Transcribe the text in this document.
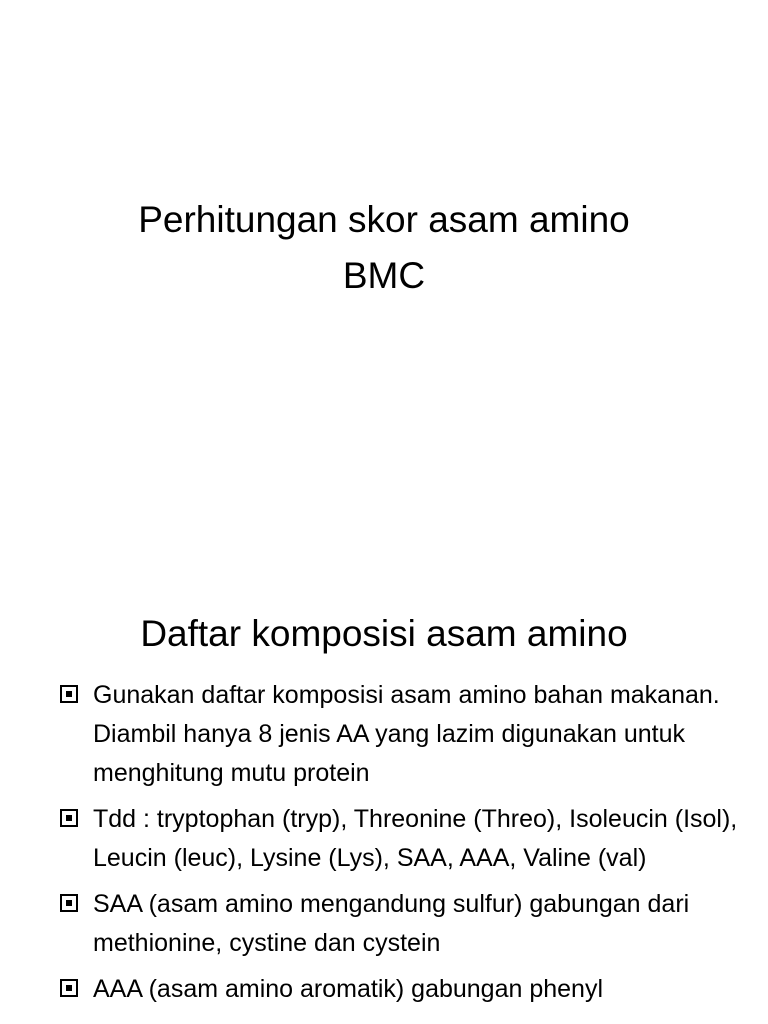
Perhitungan skor asam amino
BMC
Daftar komposisi asam amino
Gunakan daftar komposisi asam amino bahan makanan. Diambil hanya 8 jenis AA yang lazim digunakan untuk menghitung mutu protein
Tdd : tryptophan (tryp), Threonine (Threo), Isoleucin (Isol), Leucin (leuc), Lysine (Lys), SAA, AAA, Valine (val)
SAA (asam amino mengandung sulfur) gabungan dari methionine, cystine dan cystein
AAA (asam amino aromatik) gabungan phenyl
